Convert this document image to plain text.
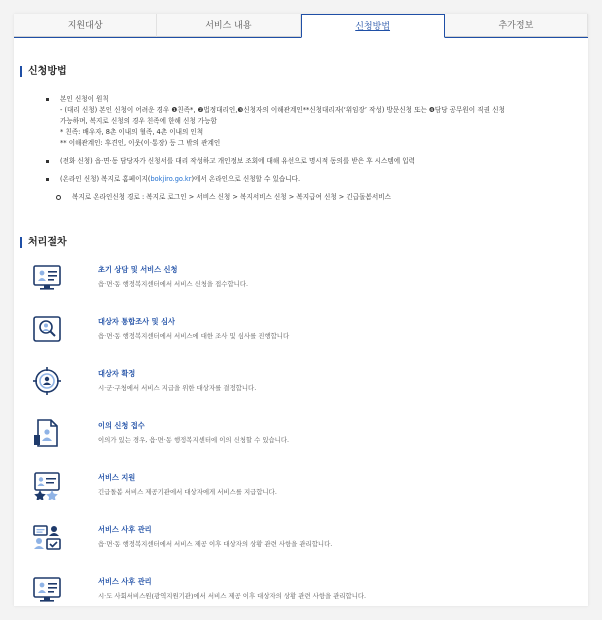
지원대상	서비스 내용	신청방법	추가정보
신청방법
본인 신청이 원칙
- (대리 신청) 본인 신청이 어려운 경우 ❶친족*, ❷법정대리인,❸신청자의 이해관계인**신청대리자(‘위임장’ 작성) 방문신청 또는 ❹담당 공무원이 직권 신청
가능하며, 복지로 신청의 경우 친족에 한해 신청 가능함
* 친족: 배우자, 8촌 이내의 혈족, 4촌 이내의 인척
** 이해관계인: 후견인, 이웃(이·통장) 등 그 밖의 관계인
(전화 신청) 읍·면·동 담당자가 신청서를 대리 작성하고 개인정보 조회에 대해 유선으로 명시적 동의를 받은 후 시스템에 입력
(온라인 신청) 복지로 홈페이지(bokjiro.go.kr)에서 온라인으로 신청할 수 있습니다.
복지로 온라인신청 경로 : 복지로 로그인 > 서비스 신청 > 복지서비스 신청 > 복지급여 신청 > 긴급돌봄서비스
처리절차
초기 상담 및 서비스 신청
읍·면·동 행정복지센터에서 서비스 신청을 접수합니다.
대상자 통합조사 및 심사
읍·면·동 행정복지센터에서 서비스에 대한 조사 및 심사를 진행합니다
대상자 확정
시·군·구청에서 서비스 지급을 위한 대상자를 결정합니다.
이의 신청 접수
이의가 있는 경우, 읍·면·동 행정복지센터에 이의 신청할 수 있습니다.
서비스 지원
긴급돌봄 서비스 제공기관에서 대상자에게 서비스를 지급합니다.
서비스 사후 관리
읍·면·동 행정복지센터에서 서비스 제공 이후 대상자의 상황 관련 사항을 관리합니다.
서비스 사후 관리
시·도 사회서비스원(광역지원기관)에서 서비스 제공 이후 대상자의 상황 관련 사항을 관리합니다.
